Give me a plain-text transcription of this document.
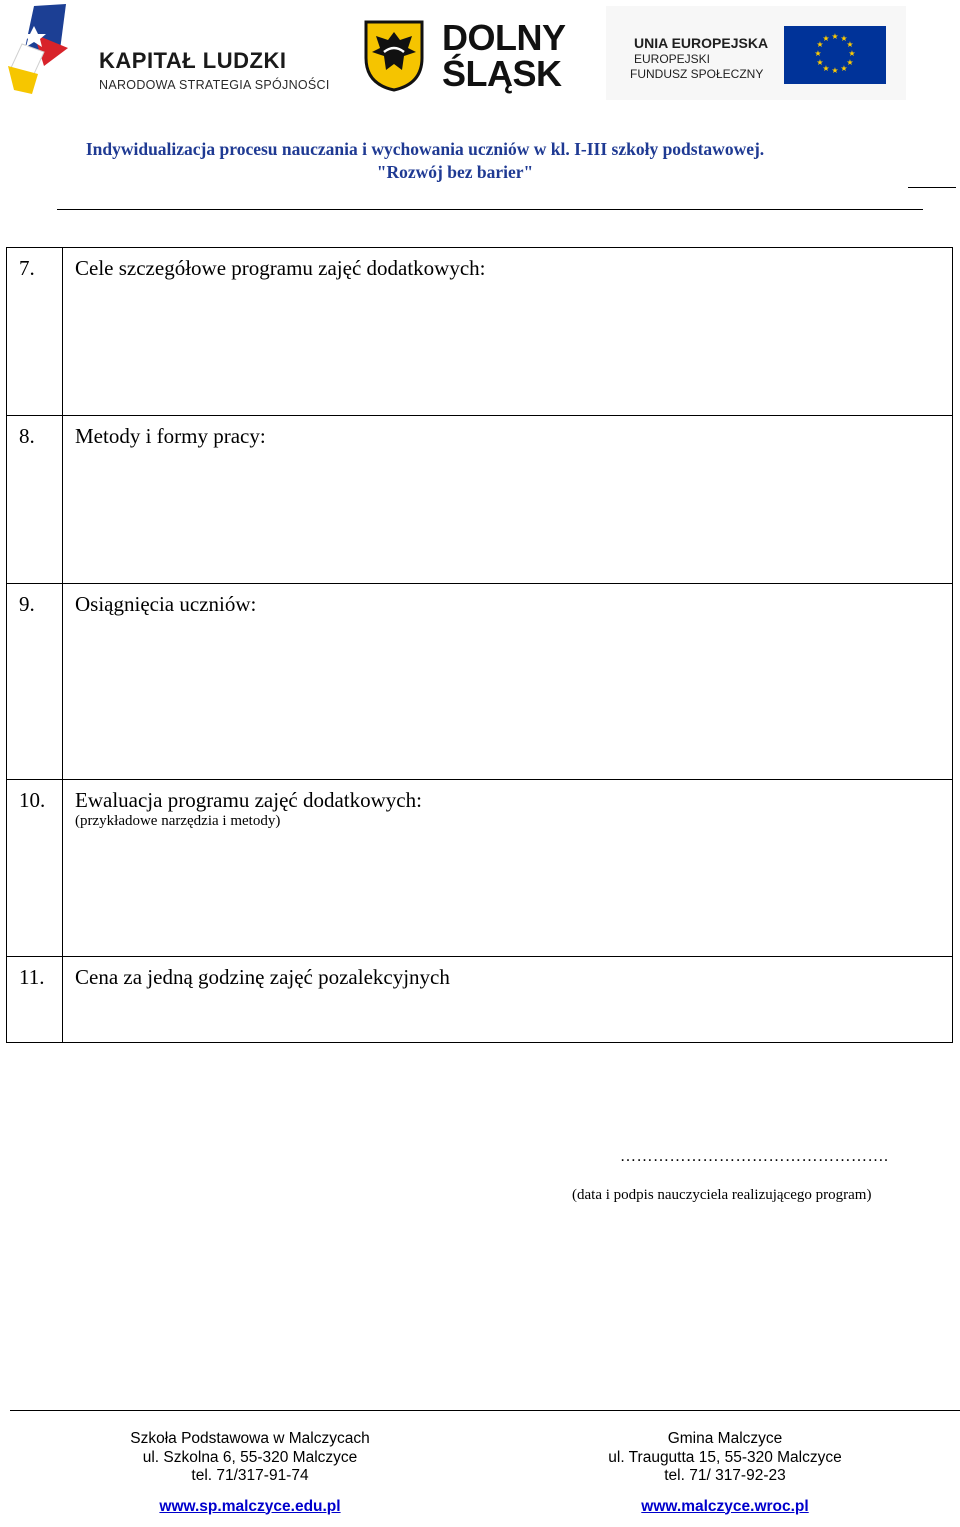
KAPITAŁ LUDZKI
NARODOWA STRATEGIA SPÓJNOŚCI
DOLNY
ŚLĄSK
UNIA EUROPEJSKA
EUROPEJSKI
FUNDUSZ SPOŁECZNY
★ ★
★
★
★
★
★
★
★
★
★
★
Indywidualizacja procesu nauczania i wychowania uczniów w kl. I-III szkoły podstawowej.
"Rozwój bez barier"
7.	Cele szczegółowe programu zajęć dodatkowych:
8.	Metody i formy pracy:
9.	Osiągnięcia uczniów:
10.	Ewaluacja programu zajęć dodatkowych:
(przykładowe narzędzia i metody)

11.	Cena za jedną godzinę zajęć pozalekcyjnych
………………………………………….
(data i podpis nauczyciela realizującego program)
Szkoła Podstawowa w Malczycach
ul. Szkolna 6, 55-320 Malczyce
tel. 71/317-91-74
www.sp.malczyce.edu.pl
Gmina Malczyce
ul. Traugutta 15, 55-320 Malczyce
tel. 71/ 317-92-23
www.malczyce.wroc.pl
